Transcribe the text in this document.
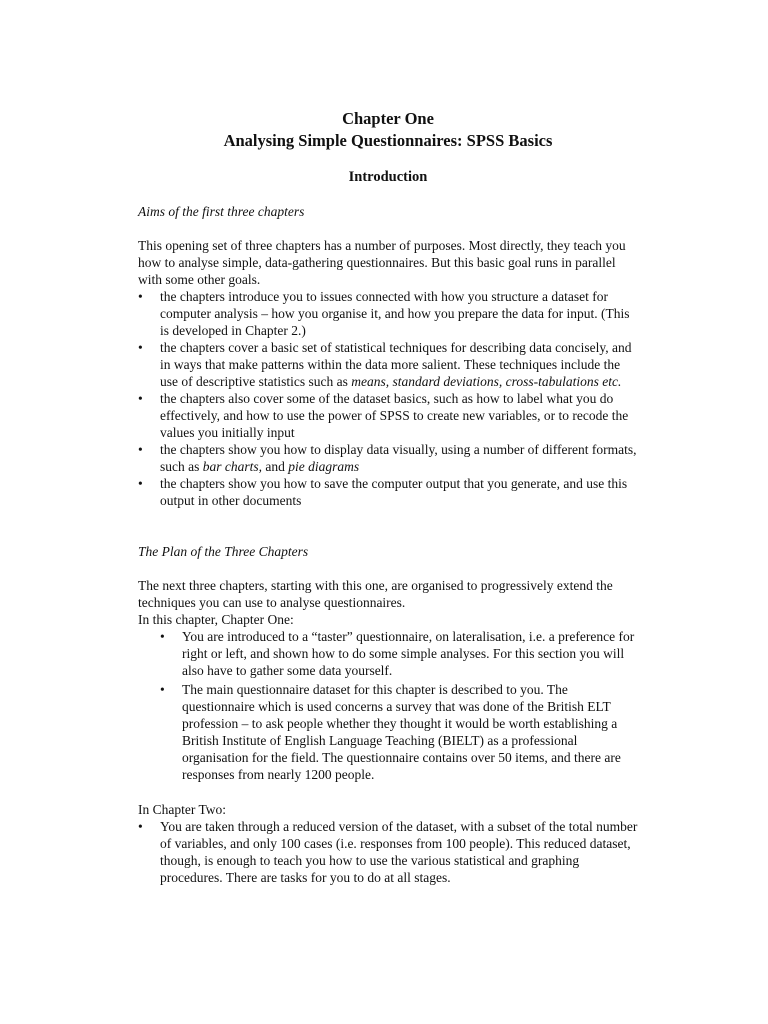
Chapter One
Analysing Simple Questionnaires: SPSS Basics
Introduction

Aims of the first three chapters

This opening set of three chapters has a number of purposes. Most directly, they teach you how to analyse simple, data-gathering questionnaires. But this basic goal runs in parallel with some other goals.

• the chapters introduce you to issues connected with how you structure a dataset for computer analysis – how you organise it, and how you prepare the data for input. (This is developed in Chapter 2.)
• the chapters cover a basic set of statistical techniques for describing data concisely, and in ways that make patterns within the data more salient. These techniques include the use of descriptive statistics such as means, standard deviations, cross-tabulations etc.
• the chapters also cover some of the dataset basics, such as how to label what you do effectively, and how to use the power of SPSS to create new variables, or to recode the values you initially input
• the chapters show you how to display data visually, using a number of different formats, such as bar charts, and pie diagrams
• the chapters show you how to save the computer output that you generate, and use this output in other documents

The Plan of the Three Chapters

The next three chapters, starting with this one, are organised to progressively extend the techniques you can use to analyse questionnaires.

In this chapter, Chapter One:

• You are introduced to a “taster” questionnaire, on lateralisation, i.e. a preference for right or left, and shown how to do some simple analyses. For this section you will also have to gather some data yourself.
• The main questionnaire dataset for this chapter is described to you. The questionnaire which is used concerns a survey that was done of the British ELT profession – to ask people whether they thought it would be worth establishing a British Institute of English Language Teaching (BIELT) as a professional organisation for the field. The questionnaire contains over 50 items, and there are responses from nearly 1200 people.

In Chapter Two:

• You are taken through a reduced version of the dataset, with a subset of the total number of variables, and only 100 cases (i.e. responses from 100 people). This reduced dataset, though, is enough to teach you how to use the various statistical and graphing procedures. There are tasks for you to do at all stages.
